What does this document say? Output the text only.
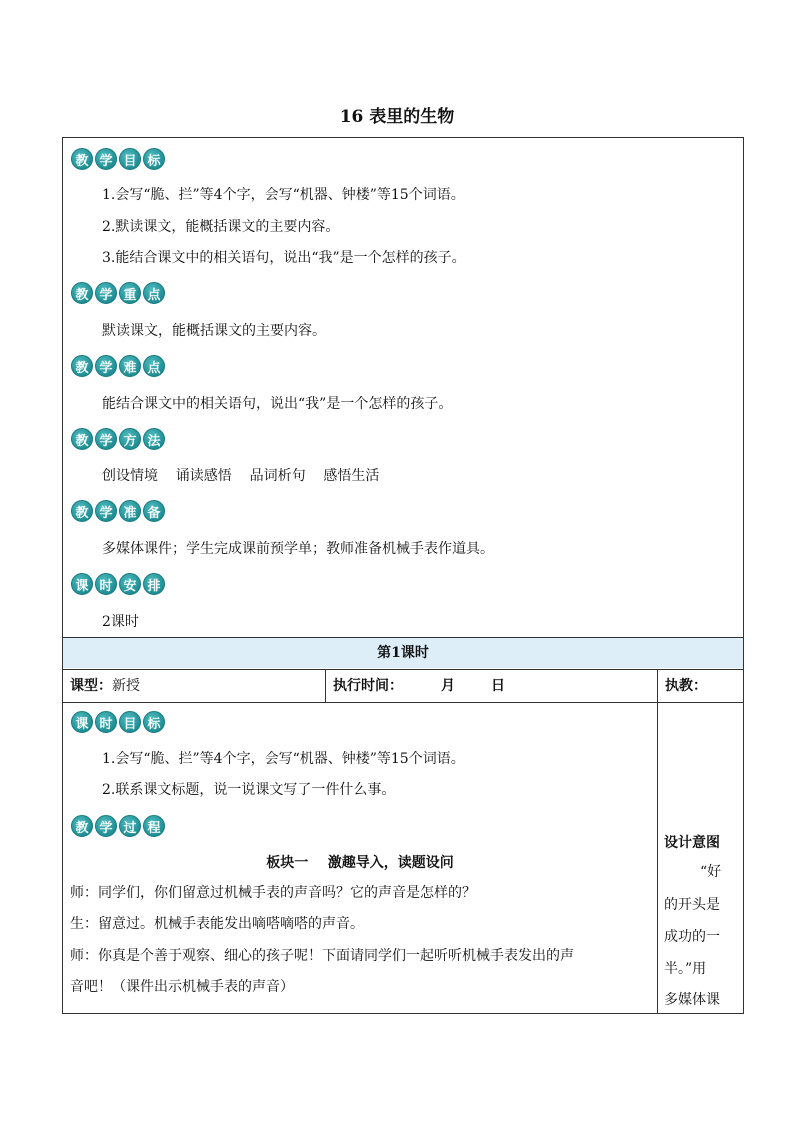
16 表里的生物
第1课时
教 学 目 标
1.会写“脆、拦”等4个字，会写“机器、钟楼”等15个词语。
2.默读课文，能概括课文的主要内容。
3.能结合课文中的相关语句，说出“我”是一个怎样的孩子。
教 学 重 点
默读课文，能概括课文的主要内容。
教 学 难 点
能结合课文中的相关语句，说出“我”是一个怎样的孩子。
教 学 方 法
创设情境    诵读感悟    品词析句    感悟生活
教 学 准 备
多媒体课件；学生完成课前预学单；教师准备机械手表作道具。
课 时 安 排
2课时
课型：新授	执行时间：	月	日	执教：
课 时 目 标
1.会写“脆、拦”等4个字，会写“机器、钟楼”等15个词语。
2.联系课文标题，说一说课文写了一件什么事。
教 学 过 程
板块一    激趣导入，读题设问
师：同学们，你们留意过机械手表的声音吗？它的声音是怎样的？
生：留意过。机械手表能发出嘀嗒嘀嗒的声音。
师：你真是个善于观察、细心的孩子呢！下面请同学们一起听听机械手表发出的声
音吧！（课件出示机械手表的声音）
设计意图
“好
的开头是
成功的一
半。”用
多媒体课
